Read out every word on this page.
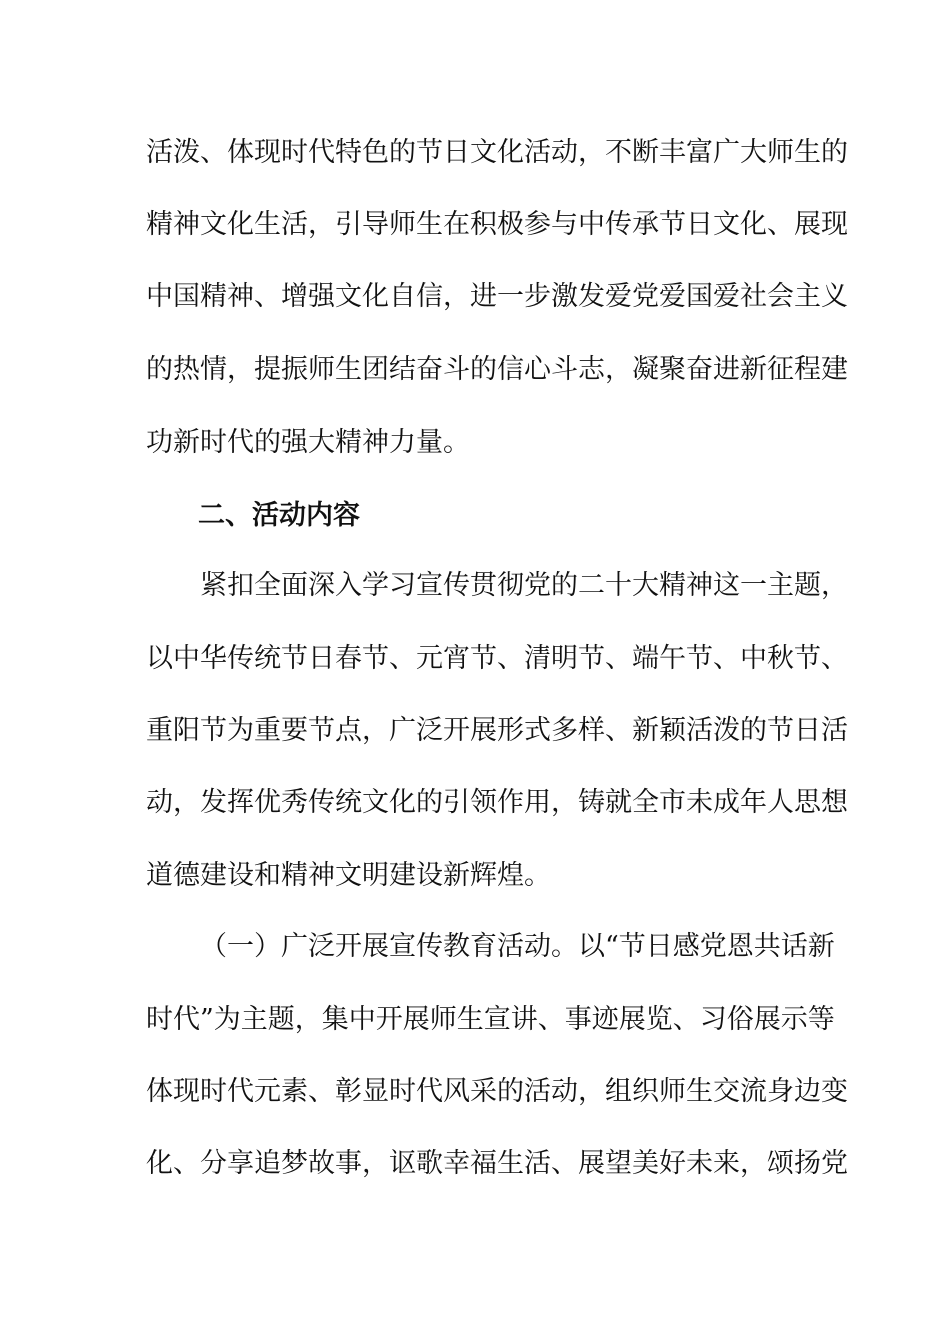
活泼、体现时代特色的节日文化活动，不断丰富广大师生的
精神文化生活，引导师生在积极参与中传承节日文化、展现
中国精神、增强文化自信，进一步激发爱党爱国爱社会主义
的热情，提振师生团结奋斗的信心斗志，凝聚奋进新征程建
功新时代的强大精神力量。
二、活动内容
紧扣全面深入学习宣传贯彻党的二十大精神这一主题，
以中华传统节日春节、元宵节、清明节、端午节、中秋节、
重阳节为重要节点，广泛开展形式多样、新颖活泼的节日活
动，发挥优秀传统文化的引领作用，铸就全市未成年人思想
道德建设和精神文明建设新辉煌。
（一）广泛开展宣传教育活动。以“节日感党恩共话新
时代”为主题，集中开展师生宣讲、事迹展览、习俗展示等
体现时代元素、彰显时代风采的活动，组织师生交流身边变
化、分享追梦故事，讴歌幸福生活、展望美好未来，颂扬党
